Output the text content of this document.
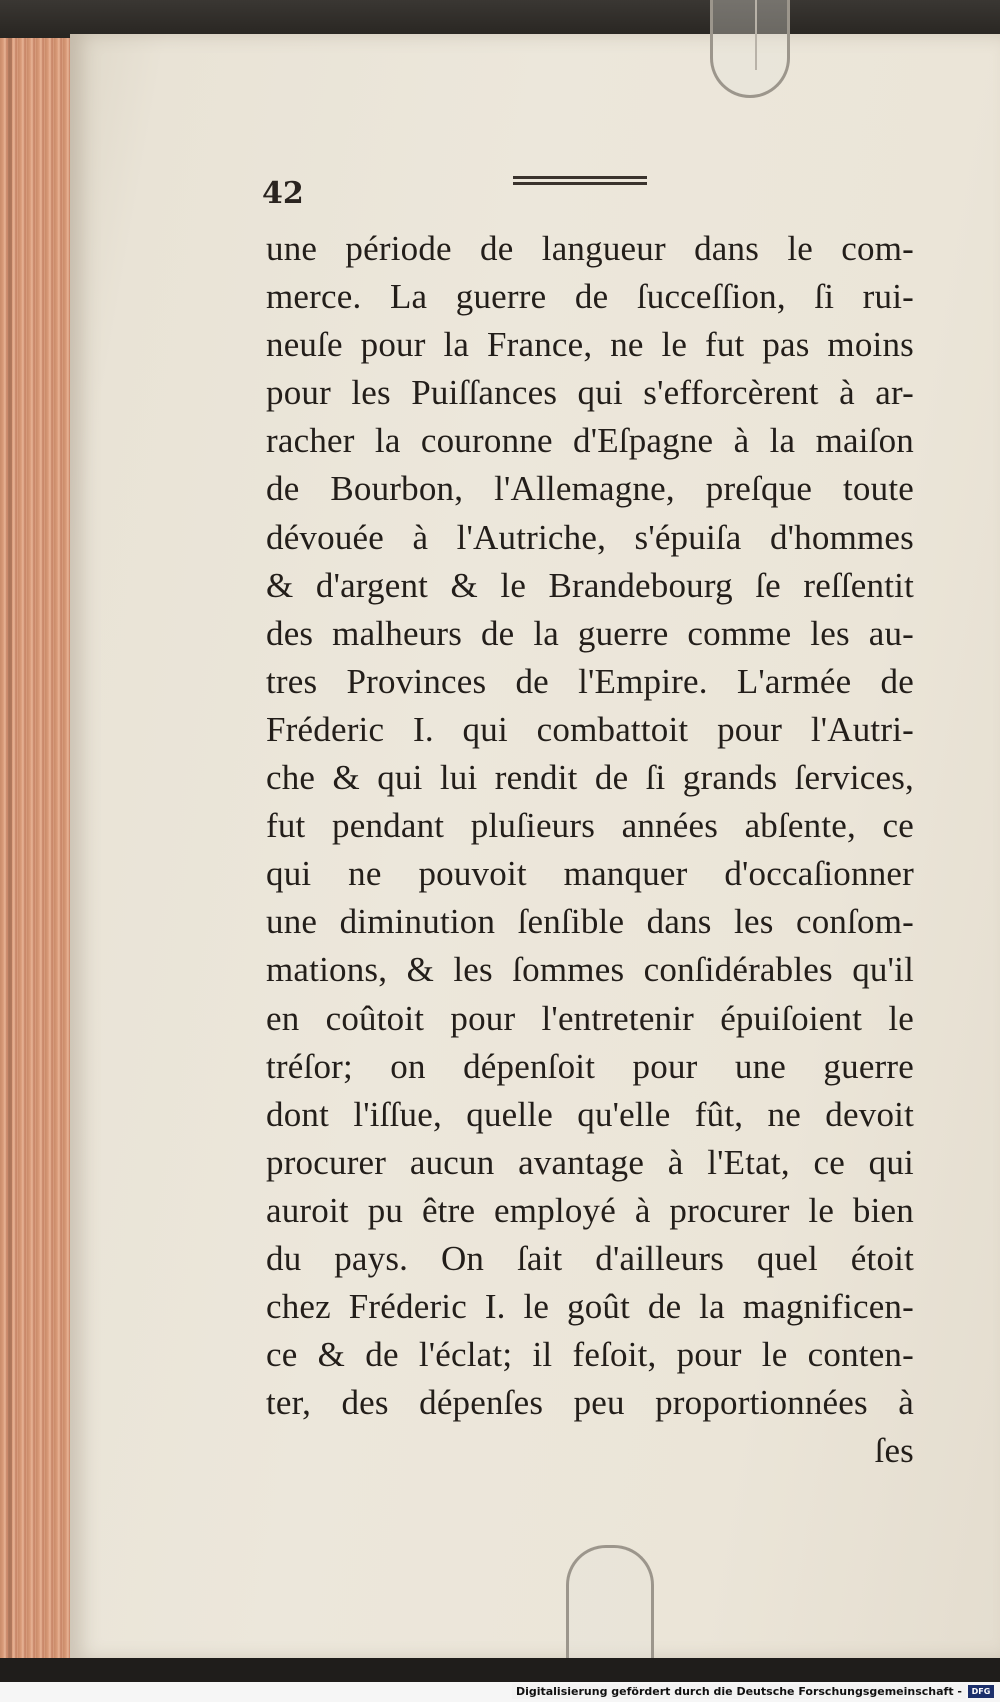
42
une période de langueur dans le com-
merce. La guerre de ſucceſſion, ſi rui-
neuſe pour la France, ne le fut pas moins
pour les Puiſſances qui s'efforcèrent à ar-
racher la couronne d'Eſpagne à la maiſon
de Bourbon, l'Allemagne, preſque toute
dévouée à l'Autriche, s'épuiſa d'hommes
& d'argent & le Brandebourg ſe reſſentit
des malheurs de la guerre comme les au-
tres Provinces de l'Empire. L'armée de
Fréderic I. qui combattoit pour l'Autri-
che & qui lui rendit de ſi grands ſervices,
fut pendant pluſieurs années abſente, ce
qui ne pouvoit manquer d'occaſionner
une diminution ſenſible dans les conſom-
mations, & les ſommes conſidérables qu'il
en coûtoit pour l'entretenir épuiſoient le
tréſor; on dépenſoit pour une guerre
dont l'iſſue, quelle qu'elle fût, ne devoit
procurer aucun avantage à l'Etat, ce qui
auroit pu être employé à procurer le bien
du pays. On ſait d'ailleurs quel étoit
chez Fréderic I. le goût de la magnificen-
ce & de l'éclat; il feſoit, pour le conten-
ter, des dépenſes peu proportionnées à
ſes
Digitalisierung gefördert durch die Deutsche Forschungsgemeinschaft -	DFG
